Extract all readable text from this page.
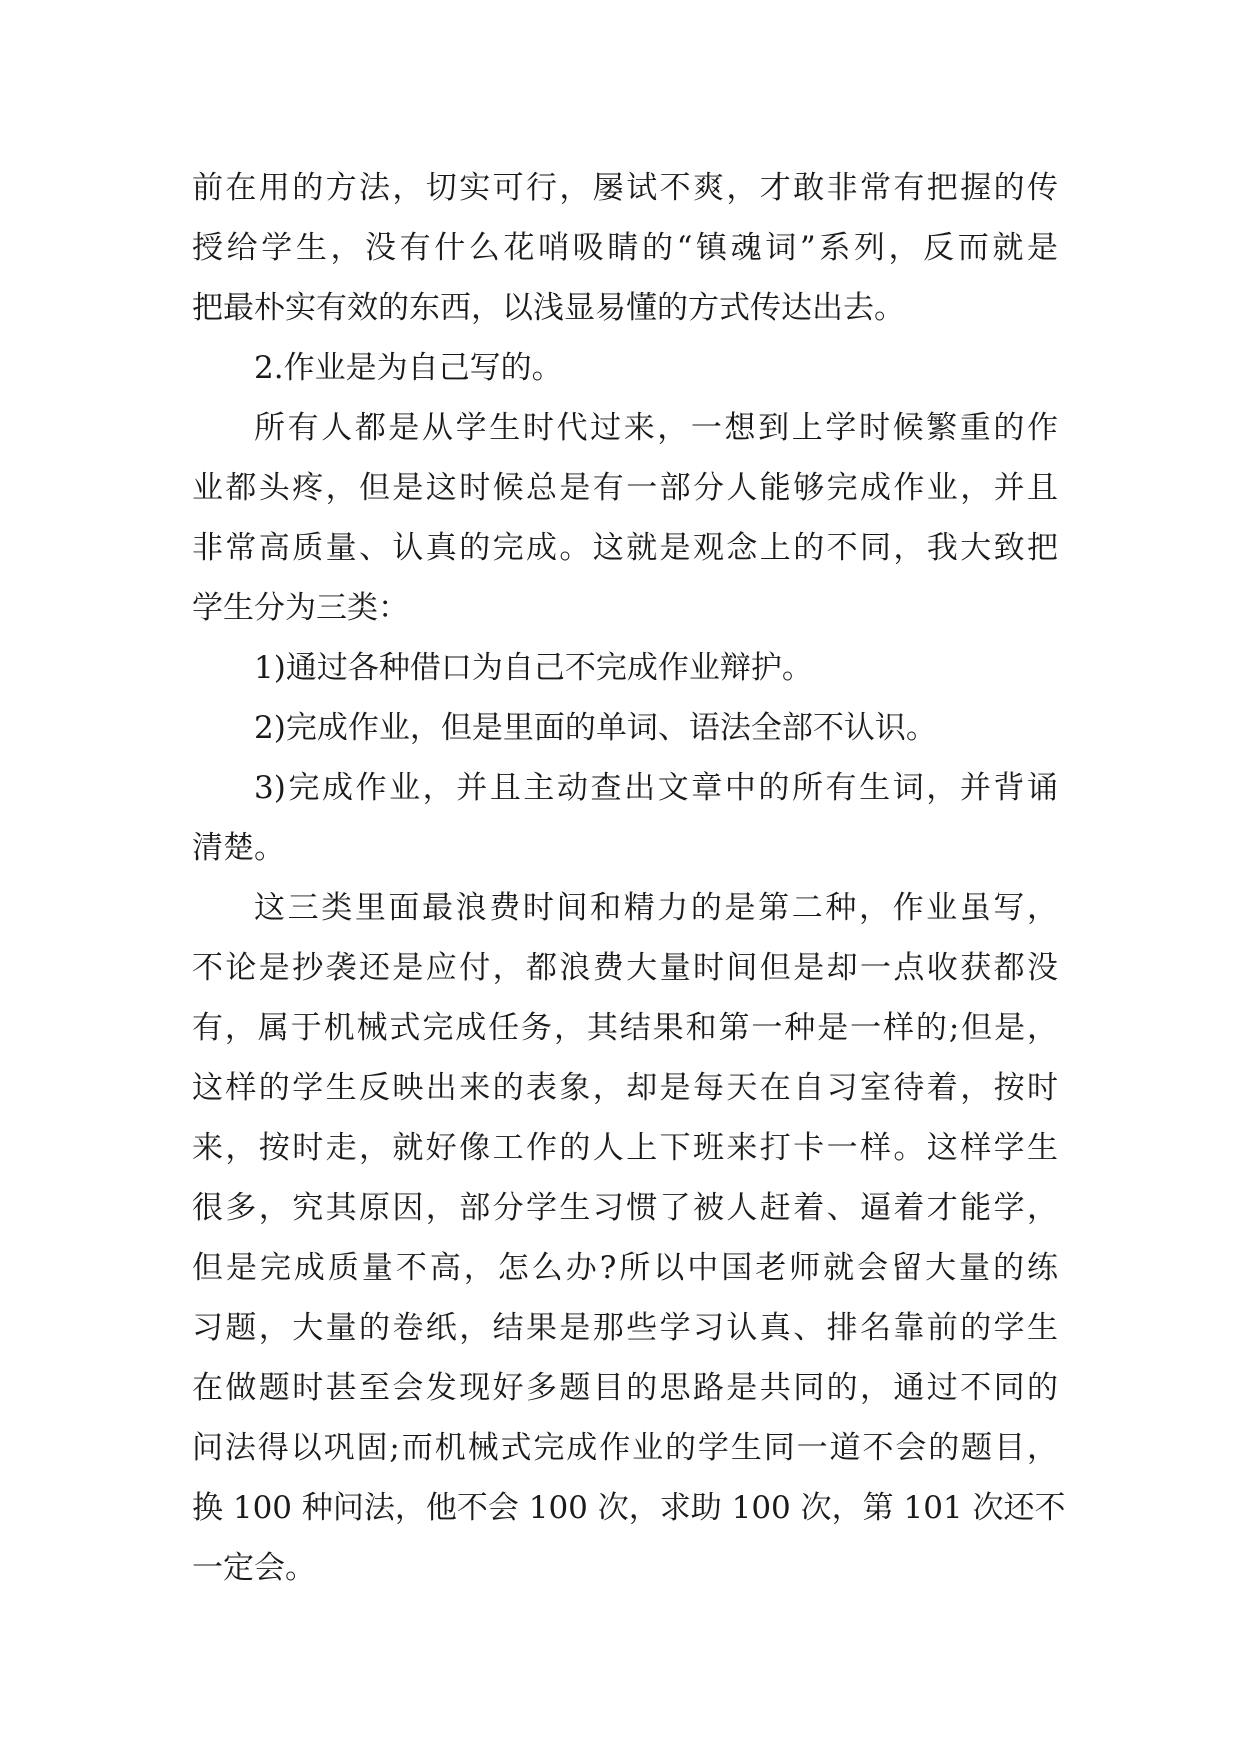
前在用的方法，切实可行，屡试不爽，才敢非常有把握的传
授给学生，没有什么花哨吸睛的“镇魂词”系列，反而就是
把最朴实有效的东西，以浅显易懂的方式传达出去。
2.作业是为自己写的。
所有人都是从学生时代过来，一想到上学时候繁重的作
业都头疼，但是这时候总是有一部分人能够完成作业，并且
非常高质量、认真的完成。这就是观念上的不同，我大致把
学生分为三类：
1)通过各种借口为自己不完成作业辩护。
2)完成作业，但是里面的单词、语法全部不认识。
3)完成作业，并且主动查出文章中的所有生词，并背诵
清楚。
这三类里面最浪费时间和精力的是第二种，作业虽写，
不论是抄袭还是应付，都浪费大量时间但是却一点收获都没
有，属于机械式完成任务，其结果和第一种是一样的;但是，
这样的学生反映出来的表象，却是每天在自习室待着，按时
来，按时走，就好像工作的人上下班来打卡一样。这样学生
很多，究其原因，部分学生习惯了被人赶着、逼着才能学，
但是完成质量不高，怎么办?所以中国老师就会留大量的练
习题，大量的卷纸，结果是那些学习认真、排名靠前的学生
在做题时甚至会发现好多题目的思路是共同的，通过不同的
问法得以巩固;而机械式完成作业的学生同一道不会的题目，
换 100 种问法，他不会 100 次，求助 100 次，第 101 次还不
一定会。
